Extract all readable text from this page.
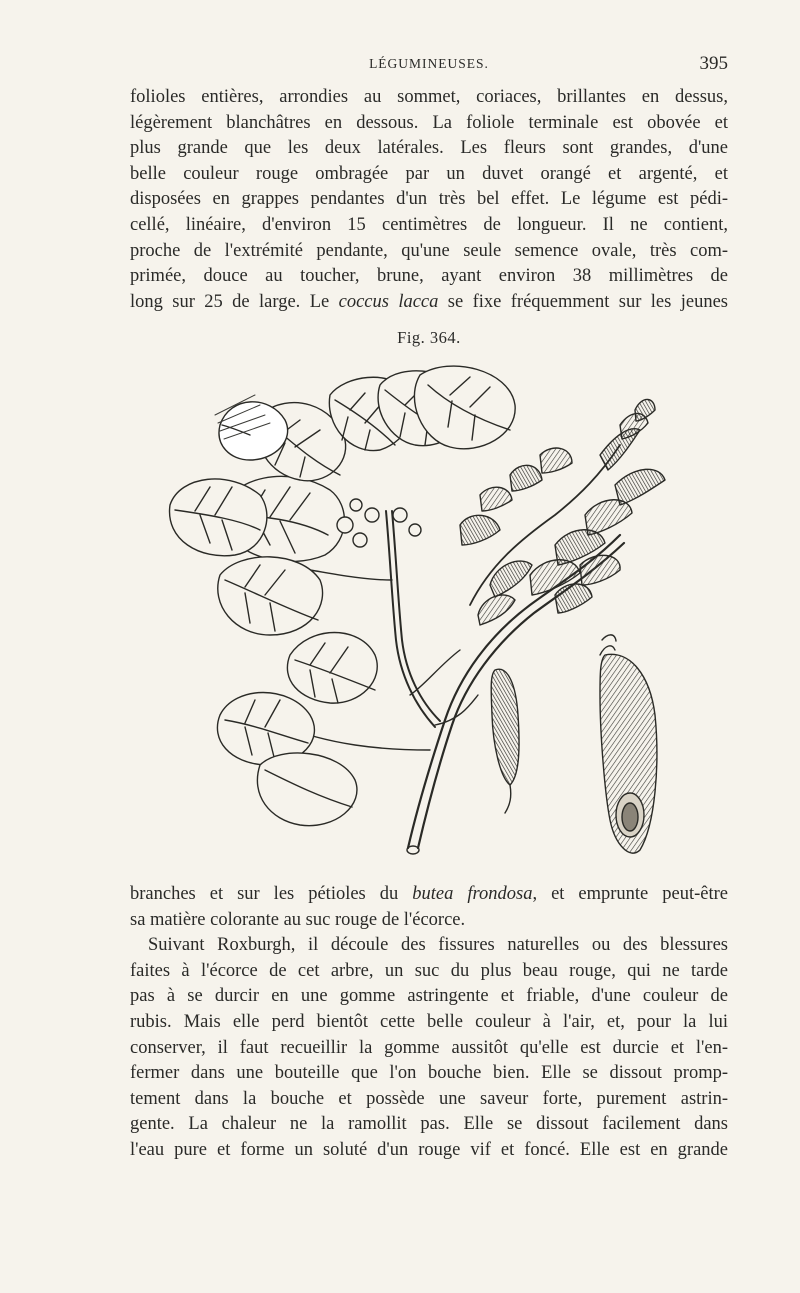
LÉGUMINEUSES.	395
folioles entières, arrondies au sommet, coriaces, brillantes en dessus,
légèrement blanchâtres en dessous. La foliole terminale est obovée et
plus grande que les deux latérales. Les fleurs sont grandes, d'une
belle couleur rouge ombragée par un duvet orangé et argenté, et
disposées en grappes pendantes d'un très bel effet. Le légume est pédi-
cellé, linéaire, d'environ 15 centimètres de longueur. Il ne contient,
proche de l'extrémité pendante, qu'une seule semence ovale, très com-
primée, douce au toucher, brune, ayant environ 38 millimètres de
long sur 25 de large. Le coccus lacca se fixe fréquemment sur les jeunes
Fig. 364.
branches et sur les pétioles du butea frondosa, et emprunte peut-être
sa matière colorante au suc rouge de l'écorce.
Suivant Roxburgh, il découle des fissures naturelles ou des blessures
faites à l'écorce de cet arbre, un suc du plus beau rouge, qui ne tarde
pas à se durcir en une gomme astringente et friable, d'une couleur de
rubis. Mais elle perd bientôt cette belle couleur à l'air, et, pour la lui
conserver, il faut recueillir la gomme aussitôt qu'elle est durcie et l'en-
fermer dans une bouteille que l'on bouche bien. Elle se dissout promp-
tement dans la bouche et possède une saveur forte, purement astrin-
gente. La chaleur ne la ramollit pas. Elle se dissout facilement dans
l'eau pure et forme un soluté d'un rouge vif et foncé. Elle est en grande
